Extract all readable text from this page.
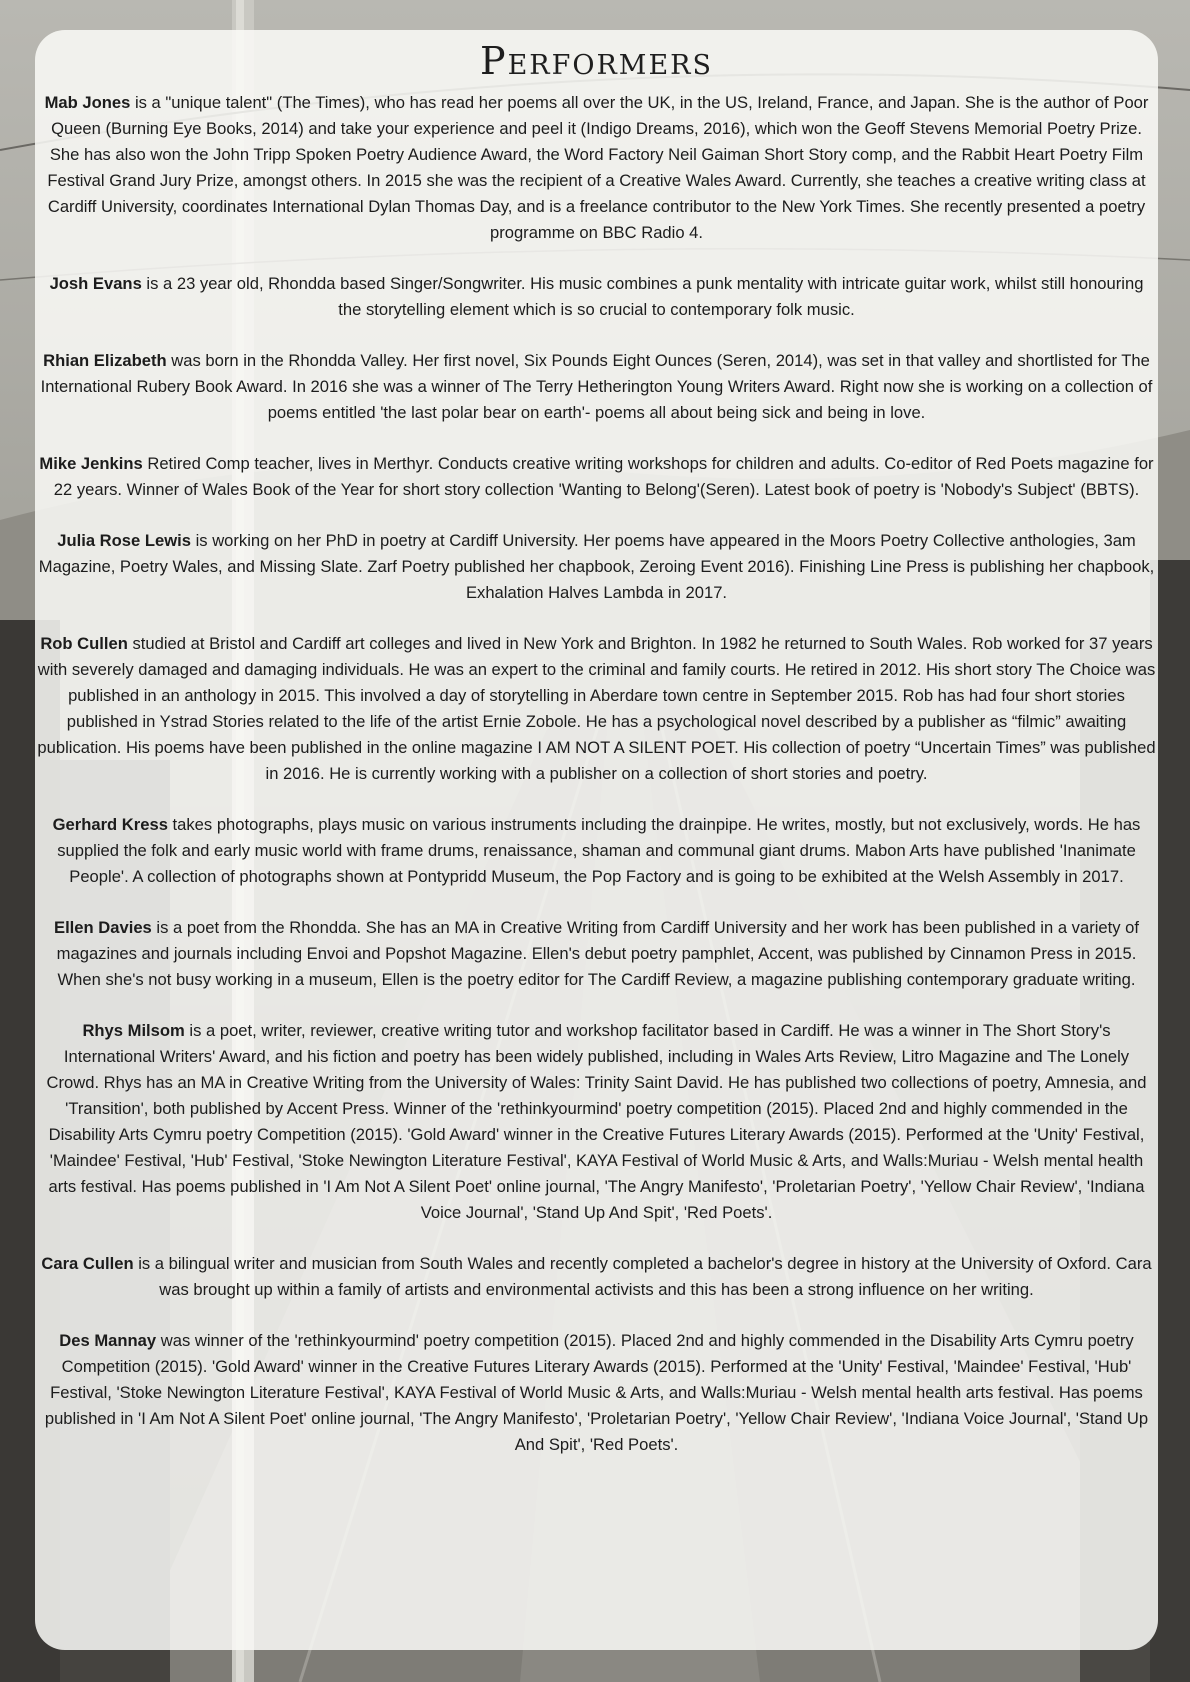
Performers

Mab Jones is a "unique talent" (The Times), who has read her poems all over the UK, in the US, Ireland, France, and Japan. She is the author of Poor Queen (Burning Eye Books, 2014) and take your experience and peel it (Indigo Dreams, 2016), which won the Geoff Stevens Memorial Poetry Prize. She has also won the John Tripp Spoken Poetry Audience Award, the Word Factory Neil Gaiman Short Story comp, and the Rabbit Heart Poetry Film Festival Grand Jury Prize, amongst others. In 2015 she was the recipient of a Creative Wales Award. Currently, she teaches a creative writing class at Cardiff University, coordinates International Dylan Thomas Day, and is a freelance contributor to the New York Times. She recently presented a poetry programme on BBC Radio 4.

Josh Evans is a 23 year old, Rhondda based Singer/Songwriter. His music combines a punk mentality with intricate guitar work, whilst still honouring the storytelling element which is so crucial to contemporary folk music.

Rhian Elizabeth was born in the Rhondda Valley. Her first novel, Six Pounds Eight Ounces (Seren, 2014), was set in that valley and shortlisted for The International Rubery Book Award. In 2016 she was a winner of The Terry Hetherington Young Writers Award. Right now she is working on a collection of poems entitled 'the last polar bear on earth'- poems all about being sick and being in love.

Mike Jenkins Retired Comp teacher, lives in Merthyr. Conducts creative writing workshops for children and adults. Co-editor of Red Poets magazine for 22 years. Winner of Wales Book of the Year for short story collection 'Wanting to Belong'(Seren). Latest book of poetry is 'Nobody's Subject' (BBTS).

Julia Rose Lewis is working on her PhD in poetry at Cardiff University. Her poems have appeared in the Moors Poetry Collective anthologies, 3am Magazine, Poetry Wales, and Missing Slate. Zarf Poetry published her chapbook, Zeroing Event 2016). Finishing Line Press is publishing her chapbook, Exhalation Halves Lambda in 2017.

Rob Cullen studied at Bristol and Cardiff art colleges and lived in New York and Brighton. In 1982 he returned to South Wales. Rob worked for 37 years with severely damaged and damaging individuals. He was an expert to the criminal and family courts. He retired in 2012. His short story The Choice was published in an anthology in 2015. This involved a day of storytelling in Aberdare town centre in September 2015. Rob has had four short stories published in Ystrad Stories related to the life of the artist Ernie Zobole. He has a psychological novel described by a publisher as “filmic” awaiting publication. His poems have been published in the online magazine I AM NOT A SILENT POET. His collection of poetry “Uncertain Times” was published in 2016. He is currently working with a publisher on a collection of short stories and poetry.

Gerhard Kress takes photographs, plays music on various instruments including the drainpipe. He writes, mostly, but not exclusively, words. He has supplied the folk and early music world with frame drums, renaissance, shaman and communal giant drums. Mabon Arts have published 'Inanimate People'. A collection of photographs shown at Pontypridd Museum, the Pop Factory and is going to be exhibited at the Welsh Assembly in 2017.

Ellen Davies is a poet from the Rhondda. She has an MA in Creative Writing from Cardiff University and her work has been published in a variety of magazines and journals including Envoi and Popshot Magazine. Ellen's debut poetry pamphlet, Accent, was published by Cinnamon Press in 2015. When she's not busy working in a museum, Ellen is the poetry editor for The Cardiff Review, a magazine publishing contemporary graduate writing.

Rhys Milsom is a poet, writer, reviewer, creative writing tutor and workshop facilitator based in Cardiff. He was a winner in The Short Story's International Writers' Award, and his fiction and poetry has been widely published, including in Wales Arts Review, Litro Magazine and The Lonely Crowd. Rhys has an MA in Creative Writing from the University of Wales: Trinity Saint David. He has published two collections of poetry, Amnesia, and 'Transition', both published by Accent Press. Winner of the 'rethinkyourmind' poetry competition (2015). Placed 2nd and highly commended in the Disability Arts Cymru poetry Competition (2015). 'Gold Award' winner in the Creative Futures Literary Awards (2015). Performed at the 'Unity' Festival, 'Maindee' Festival, 'Hub' Festival, 'Stoke Newington Literature Festival', KAYA Festival of World Music & Arts, and Walls:Muriau - Welsh mental health arts festival. Has poems published in 'I Am Not A Silent Poet' online journal, 'The Angry Manifesto', 'Proletarian Poetry', 'Yellow Chair Review', 'Indiana Voice Journal', 'Stand Up And Spit', 'Red Poets'.

Cara Cullen is a bilingual writer and musician from South Wales and recently completed a bachelor's degree in history at the University of Oxford. Cara was brought up within a family of artists and environmental activists and this has been a strong influence on her writing.

Des Mannay was winner of the 'rethinkyourmind' poetry competition (2015). Placed 2nd and highly commended in the Disability Arts Cymru poetry Competition (2015). 'Gold Award' winner in the Creative Futures Literary Awards (2015). Performed at the 'Unity' Festival, 'Maindee' Festival, 'Hub' Festival, 'Stoke Newington Literature Festival', KAYA Festival of World Music & Arts, and Walls:Muriau - Welsh mental health arts festival. Has poems published in 'I Am Not A Silent Poet' online journal, 'The Angry Manifesto', 'Proletarian Poetry', 'Yellow Chair Review', 'Indiana Voice Journal', 'Stand Up And Spit', 'Red Poets'.
